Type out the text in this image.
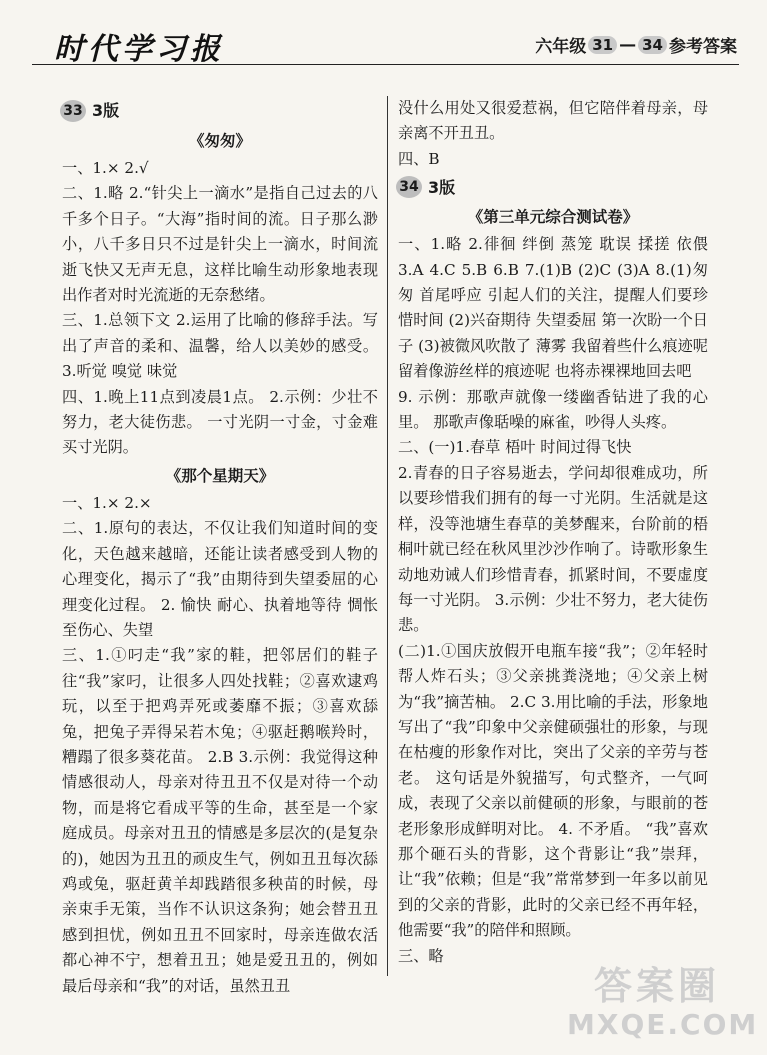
时代学习报	六年级 31 — 34 参考答案
33 3版
《匆匆》

一、1.× 2.√

二、1.略 2.“针尖上一滴水”是指自己过去的八千多个日子。“大海”指时间的流。日子那么渺小，八千多日只不过是针尖上一滴水，时间流逝飞快又无声无息，这样比喻生动形象地表现出作者对时光流逝的无奈愁绪。

三、1.总领下文 2.运用了比喻的修辞手法。写出了声音的柔和、温馨，给人以美妙的感受。 3.听觉 嗅觉 味觉

四、1.晚上11点到凌晨1点。 2.示例：少壮不努力，老大徒伤悲。 一寸光阴一寸金，寸金难买寸光阴。

《那个星期天》

一、1.× 2.×

二、1.原句的表达，不仅让我们知道时间的变化，天色越来越暗，还能让读者感受到人物的心理变化，揭示了“我”由期待到失望委屈的心理变化过程。 2. 愉快 耐心、执着地等待 惆怅至伤心、失望

三、1.①叼走“我”家的鞋，把邻居们的鞋子往“我”家叼，让很多人四处找鞋；②喜欢逮鸡玩，以至于把鸡弄死或萎靡不振；③喜欢舔兔，把兔子弄得呆若木兔；④驱赶鹅喉羚时，糟蹋了很多葵花苗。 2.B 3.示例：我觉得这种情感很动人，母亲对待丑丑不仅是对待一个动物，而是将它看成平等的生命，甚至是一个家庭成员。母亲对丑丑的情感是多层次的(是复杂的)，她因为丑丑的顽皮生气，例如丑丑每次舔鸡或兔，驱赶黄羊却践踏很多秧苗的时候，母亲束手无策，当作不认识这条狗；她会替丑丑感到担忧，例如丑丑不回家时，母亲连做农活都心神不宁，想着丑丑；她是爱丑丑的，例如最后母亲和“我”的对话，虽然丑丑

没什么用处又很爱惹祸，但它陪伴着母亲，母亲离不开丑丑。

四、B

34 3版
《第三单元综合测试卷》

一、1.略 2.徘徊 绊倒 蒸笼 耽误 揉搓 依偎 3.A 4.C 5.B 6.B 7.(1)B (2)C (3)A 8.(1)匆匆 首尾呼应 引起人们的关注，提醒人们要珍惜时间 (2)兴奋期待 失望委屈 第一次盼一个日子 (3)被微风吹散了 薄雾 我留着些什么痕迹呢 留着像游丝样的痕迹呢 也将赤裸裸地回去吧

9. 示例：那歌声就像一缕幽香钻进了我的心里。 那歌声像聒噪的麻雀，吵得人头疼。

二、(一)1.春草 梧叶 时间过得飞快

2.青春的日子容易逝去，学问却很难成功，所以要珍惜我们拥有的每一寸光阴。生活就是这样，没等池塘生春草的美梦醒来，台阶前的梧桐叶就已经在秋风里沙沙作响了。诗歌形象生动地劝诫人们珍惜青春，抓紧时间，不要虚度每一寸光阴。 3.示例：少壮不努力，老大徒伤悲。

(二)1.①国庆放假开电瓶车接“我”；②年轻时帮人炸石头；③父亲挑粪浇地；④父亲上树为“我”摘苦柚。 2.C 3.用比喻的手法，形象地写出了“我”印象中父亲健硕强壮的形象，与现在枯瘦的形象作对比，突出了父亲的辛劳与苍老。 这句话是外貌描写，句式整齐，一气呵成，表现了父亲以前健硕的形象，与眼前的苍老形象形成鲜明对比。 4. 不矛盾。 “我”喜欢那个砸石头的背影，这个背影让“我”崇拜，让“我”依赖；但是“我”常常梦到一年多以前见到的父亲的背影，此时的父亲已经不再年轻，他需要“我”的陪伴和照顾。

三、略

答案圈
MXQE.COM
